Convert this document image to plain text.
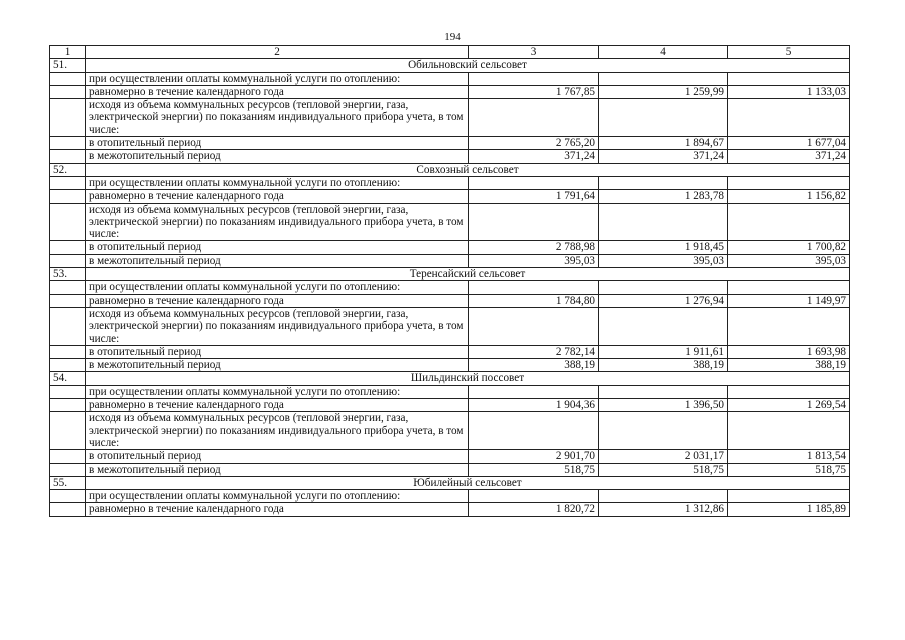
194
1	2	3	4	5
51.	Обильновский сельсовет			
	при осуществлении оплаты коммунальной услуги по отоплению:			
	равномерно в течение календарного года	1 767,85	1 259,99	1 133,03
	исходя из объема коммунальных ресурсов (тепловой энергии, газа, электрической энергии) по показаниям индивидуального прибора учета, в том числе:			
	в отопительный период	2 765,20	1 894,67	1 677,04
	в межотопительный период	371,24	371,24	371,24
52.	Совхозный сельсовет			
	при осуществлении оплаты коммунальной услуги по отоплению:			
	равномерно в течение календарного года	1 791,64	1 283,78	1 156,82
	исходя из объема коммунальных ресурсов (тепловой энергии, газа, электрической энергии) по показаниям индивидуального прибора учета, в том числе:			
	в отопительный период	2 788,98	1 918,45	1 700,82
	в межотопительный период	395,03	395,03	395,03
53.	Теренсайский сельсовет			
	при осуществлении оплаты коммунальной услуги по отоплению:			
	равномерно в течение календарного года	1 784,80	1 276,94	1 149,97
	исходя из объема коммунальных ресурсов (тепловой энергии, газа, электрической энергии) по показаниям индивидуального прибора учета, в том числе:			
	в отопительный период	2 782,14	1 911,61	1 693,98
	в межотопительный период	388,19	388,19	388,19
54.	Шильдинский поссовет			
	при осуществлении оплаты коммунальной услуги по отоплению:			
	равномерно в течение календарного года	1 904,36	1 396,50	1 269,54
	исходя из объема коммунальных ресурсов (тепловой энергии, газа, электрической энергии) по показаниям индивидуального прибора учета, в том числе:			
	в отопительный период	2 901,70	2 031,17	1 813,54
	в межотопительный период	518,75	518,75	518,75
55.	Юбилейный сельсовет			
	при осуществлении оплаты коммунальной услуги по отоплению:			
	равномерно в течение календарного года	1 820,72	1 312,86	1 185,89
